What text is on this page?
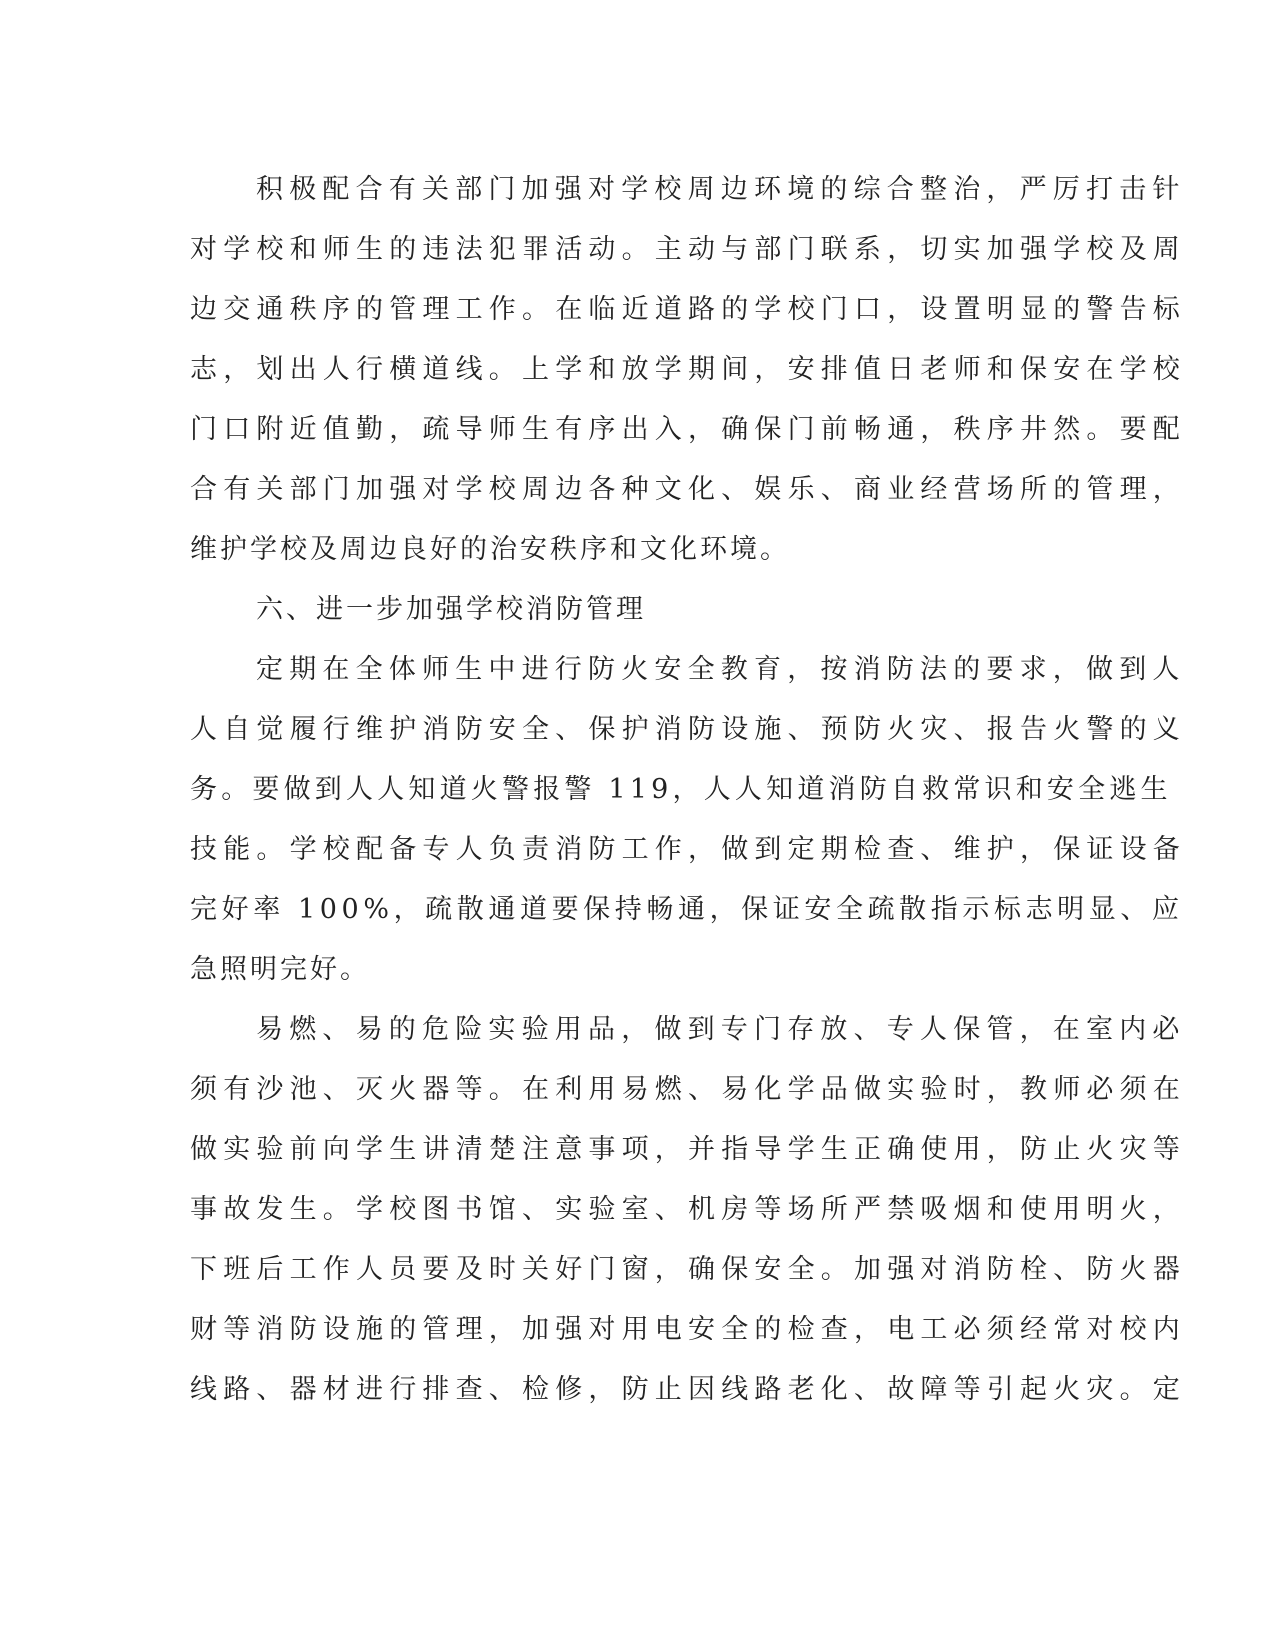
积极配合有关部门加强对学校周边环境的综合整治，严厉打击针
对学校和师生的违法犯罪活动。主动与部门联系，切实加强学校及周
边交通秩序的管理工作。在临近道路的学校门口，设置明显的警告标
志，划出人行横道线。上学和放学期间，安排值日老师和保安在学校
门口附近值勤，疏导师生有序出入，确保门前畅通，秩序井然。要配
合有关部门加强对学校周边各种文化、娱乐、商业经营场所的管理，
维护学校及周边良好的治安秩序和文化环境。
六、进一步加强学校消防管理
定期在全体师生中进行防火安全教育，按消防法的要求，做到人
人自觉履行维护消防安全、保护消防设施、预防火灾、报告火警的义
务。要做到人人知道火警报警 119，人人知道消防自救常识和安全逃生
技能。学校配备专人负责消防工作，做到定期检查、维护，保证设备
完好率 100%，疏散通道要保持畅通，保证安全疏散指示标志明显、应
急照明完好。
易燃、易的危险实验用品，做到专门存放、专人保管，在室内必
须有沙池、灭火器等。在利用易燃、易化学品做实验时，教师必须在
做实验前向学生讲清楚注意事项，并指导学生正确使用，防止火灾等
事故发生。学校图书馆、实验室、机房等场所严禁吸烟和使用明火，
下班后工作人员要及时关好门窗，确保安全。加强对消防栓、防火器
财等消防设施的管理，加强对用电安全的检查，电工必须经常对校内
线路、器材进行排查、检修，防止因线路老化、故障等引起火灾。定
